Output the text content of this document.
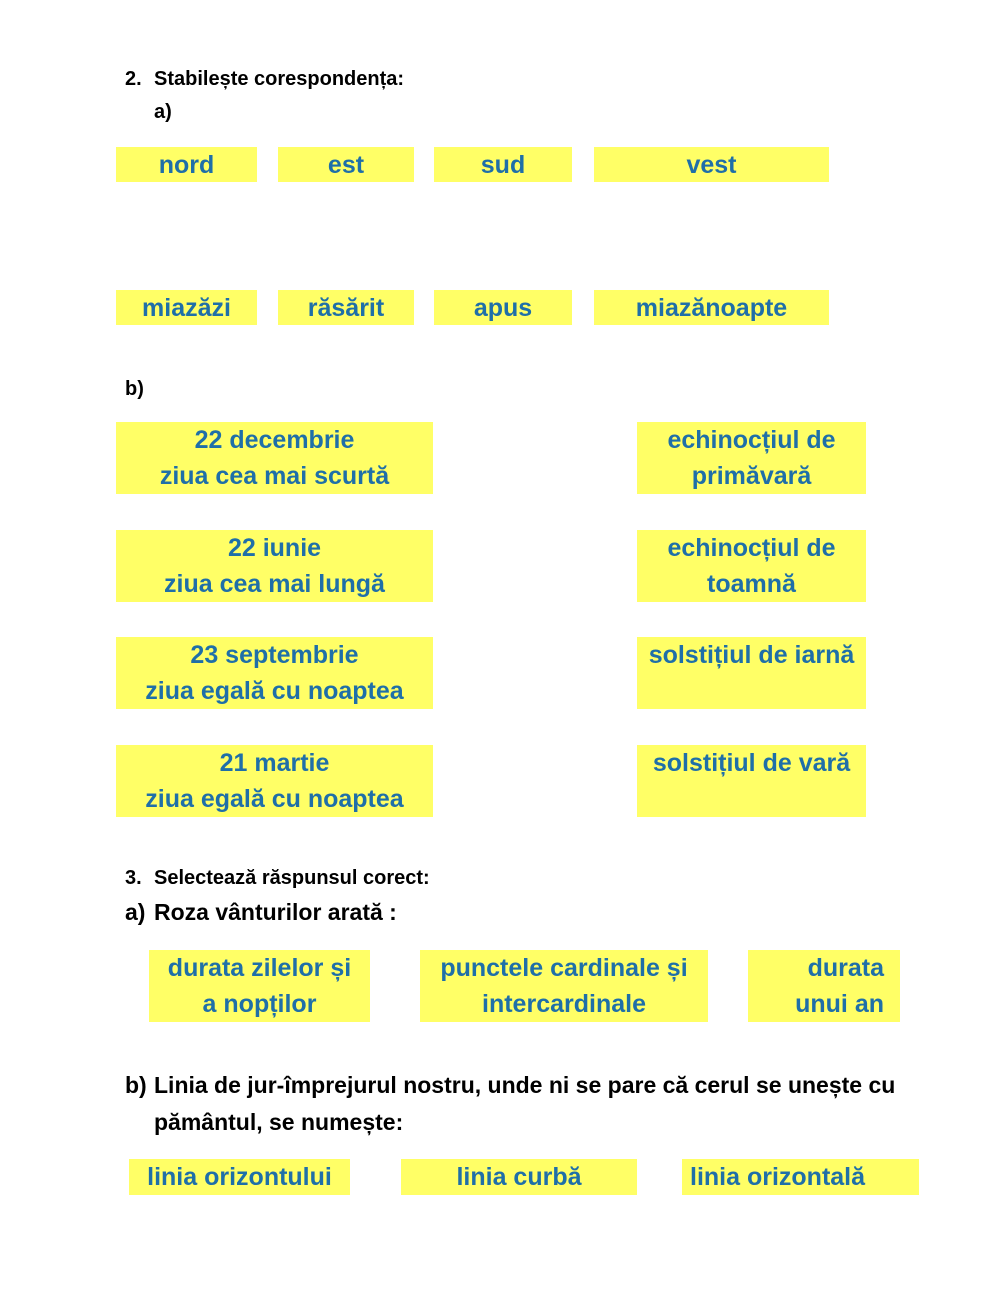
2. Stabilește corespondența:
a)
nord	est	sud	vest
miazăzi	răsărit	apus	miazănoapte
b)
22 decembrie
ziua cea mai scurtă
22 iunie
ziua cea mai lungă
23 septembrie
ziua egală cu noaptea
21 martie
ziua egală cu noaptea
echinocțiul de
primăvară
echinocțiul de
toamnă
solstițiul de iarnă
solstițiul de vară
3. Selectează răspunsul corect:
a) Roza vânturilor arată :
durata zilelor și
a nopților
punctele cardinale și
intercardinale
durata
unui an
b) Linia de jur-împrejurul nostru, unde ni se pare că cerul se unește cu
pământul, se numește:
linia orizontului	linia curbă	linia orizontală
